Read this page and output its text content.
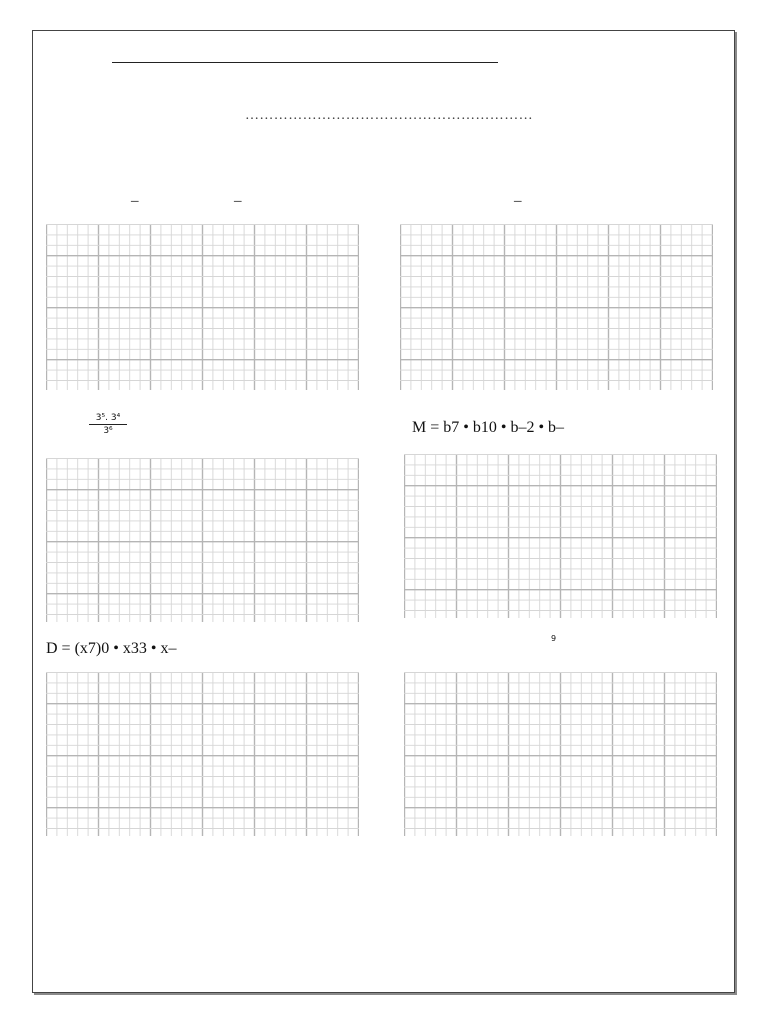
……………………………………………………
–	–	–
3⁵. 3⁴
3⁶	M = b7 • b10 • b–2 • b–
D = (x7)0 • x33 • x–
9
